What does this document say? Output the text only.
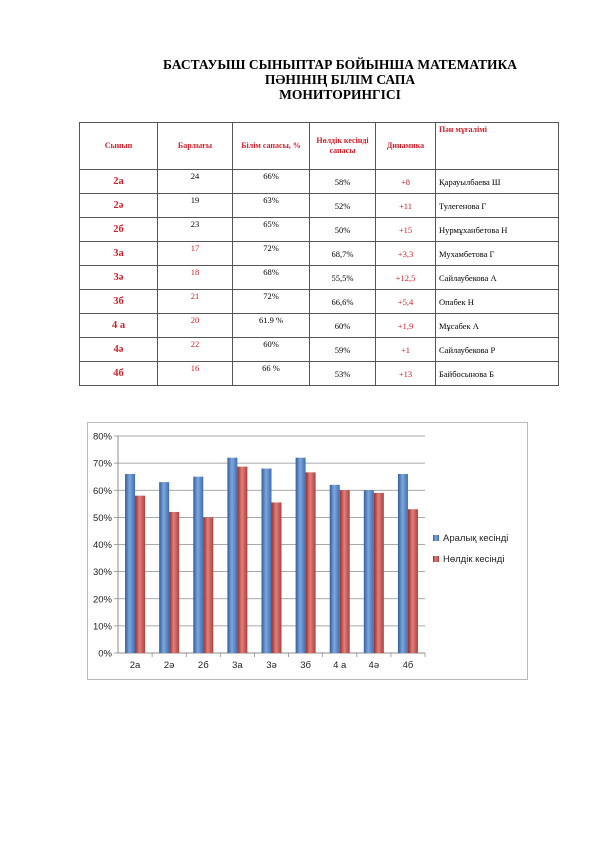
БАСТАУЫШ СЫНЫПТАР БОЙЫНША МАТЕМАТИКА
ПӘНІНІҢ БІЛІМ САПА
МОНИТОРИНГІСІ
Сынып	Барлығы	Білім сапасы, %	Нөлдік кесінді сапасы	Динамика	Пән мұғалімі
2а	24	66%	58%	+8	Қарауылбаева Ш
2ә	19	63%	52%	+11	Тулегенова Г
2б	23	65%	50%	+15	Нурмұханбетова Н
3а	17	72%	68,7%	+3,3	Мухамбетова Г
3ә	18	68%	55,5%	+12,5	Сайлаубекова А
3б	21	72%	66,6%	+5,4	Опабек Н
4 а	20	61.9 %	60%	+1,9	Мұсабек А
4ә	22	60%	59%	+1	Сайлаубекова Р
4б	16	66 %	53%	+13	Байбосынова Б
0%
10%
20%
30%
40%
50%
60%
70%
80%
2а 2ә 2б 3а 3ә 3б 4 а 4ә 4б
Аралық кесінді
Нөлдік кесінді
